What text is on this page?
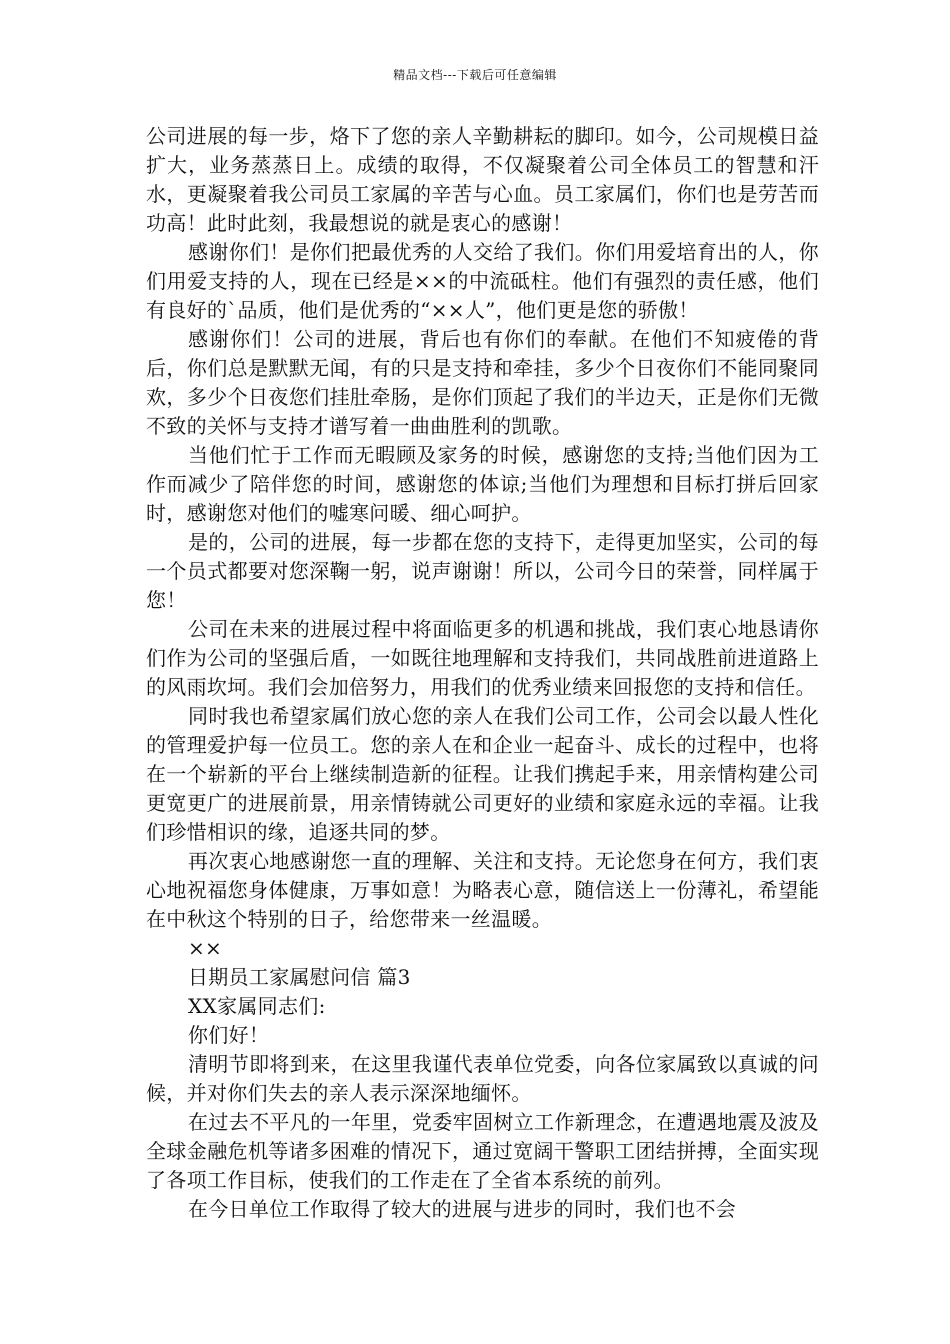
精品文档---下载后可任意编辑

公司进展的每一步，烙下了您的亲人辛勤耕耘的脚印。如今，公司规模日益扩大，业务蒸蒸日上。成绩的取得，不仅凝聚着公司全体员工的智慧和汗水，更凝聚着我公司员工家属的辛苦与心血。员工家属们，你们也是劳苦而功高！此时此刻，我最想说的就是衷心的感谢！

感谢你们！是你们把最优秀的人交给了我们。你们用爱培育出的人，你们用爱支持的人，现在已经是××的中流砥柱。他们有强烈的责任感，他们有良好的`品质，他们是优秀的“××人”，他们更是您的骄傲！

感谢你们！公司的进展，背后也有你们的奉献。在他们不知疲倦的背后，你们总是默默无闻，有的只是支持和牵挂，多少个日夜你们不能同聚同欢，多少个日夜您们挂肚牵肠，是你们顶起了我们的半边天，正是你们无微不致的关怀与支持才谱写着一曲曲胜利的凯歌。

当他们忙于工作而无暇顾及家务的时候，感谢您的支持;当他们因为工作而减少了陪伴您的时间，感谢您的体谅;当他们为理想和目标打拼后回家时，感谢您对他们的嘘寒问暖、细心呵护。

是的，公司的进展，每一步都在您的支持下，走得更加坚实，公司的每一个员式都要对您深鞠一躬，说声谢谢！所以，公司今日的荣誉，同样属于您！

公司在未来的进展过程中将面临更多的机遇和挑战，我们衷心地恳请你们作为公司的坚强后盾，一如既往地理解和支持我们，共同战胜前进道路上的风雨坎坷。我们会加倍努力，用我们的优秀业绩来回报您的支持和信任。

同时我也希望家属们放心您的亲人在我们公司工作，公司会以最人性化的管理爱护每一位员工。您的亲人在和企业一起奋斗、成长的过程中，也将在一个崭新的平台上继续制造新的征程。让我们携起手来，用亲情构建公司更宽更广的进展前景，用亲情铸就公司更好的业绩和家庭永远的幸福。让我们珍惜相识的缘，追逐共同的梦。

再次衷心地感谢您一直的理解、关注和支持。无论您身在何方，我们衷心地祝福您身体健康，万事如意！为略表心意，随信送上一份薄礼，希望能在中秋这个特别的日子，给您带来一丝温暖。

××

日期员工家属慰问信 篇3

XX家属同志们:

你们好！

清明节即将到来，在这里我谨代表单位党委，向各位家属致以真诚的问候，并对你们失去的亲人表示深深地缅怀。

在过去不平凡的一年里，党委牢固树立工作新理念，在遭遇地震及波及全球金融危机等诸多困难的情况下，通过宽阔干警职工团结拼搏，全面实现了各项工作目标，使我们的工作走在了全省本系统的前列。

在今日单位工作取得了较大的进展与进步的同时，我们也不会
